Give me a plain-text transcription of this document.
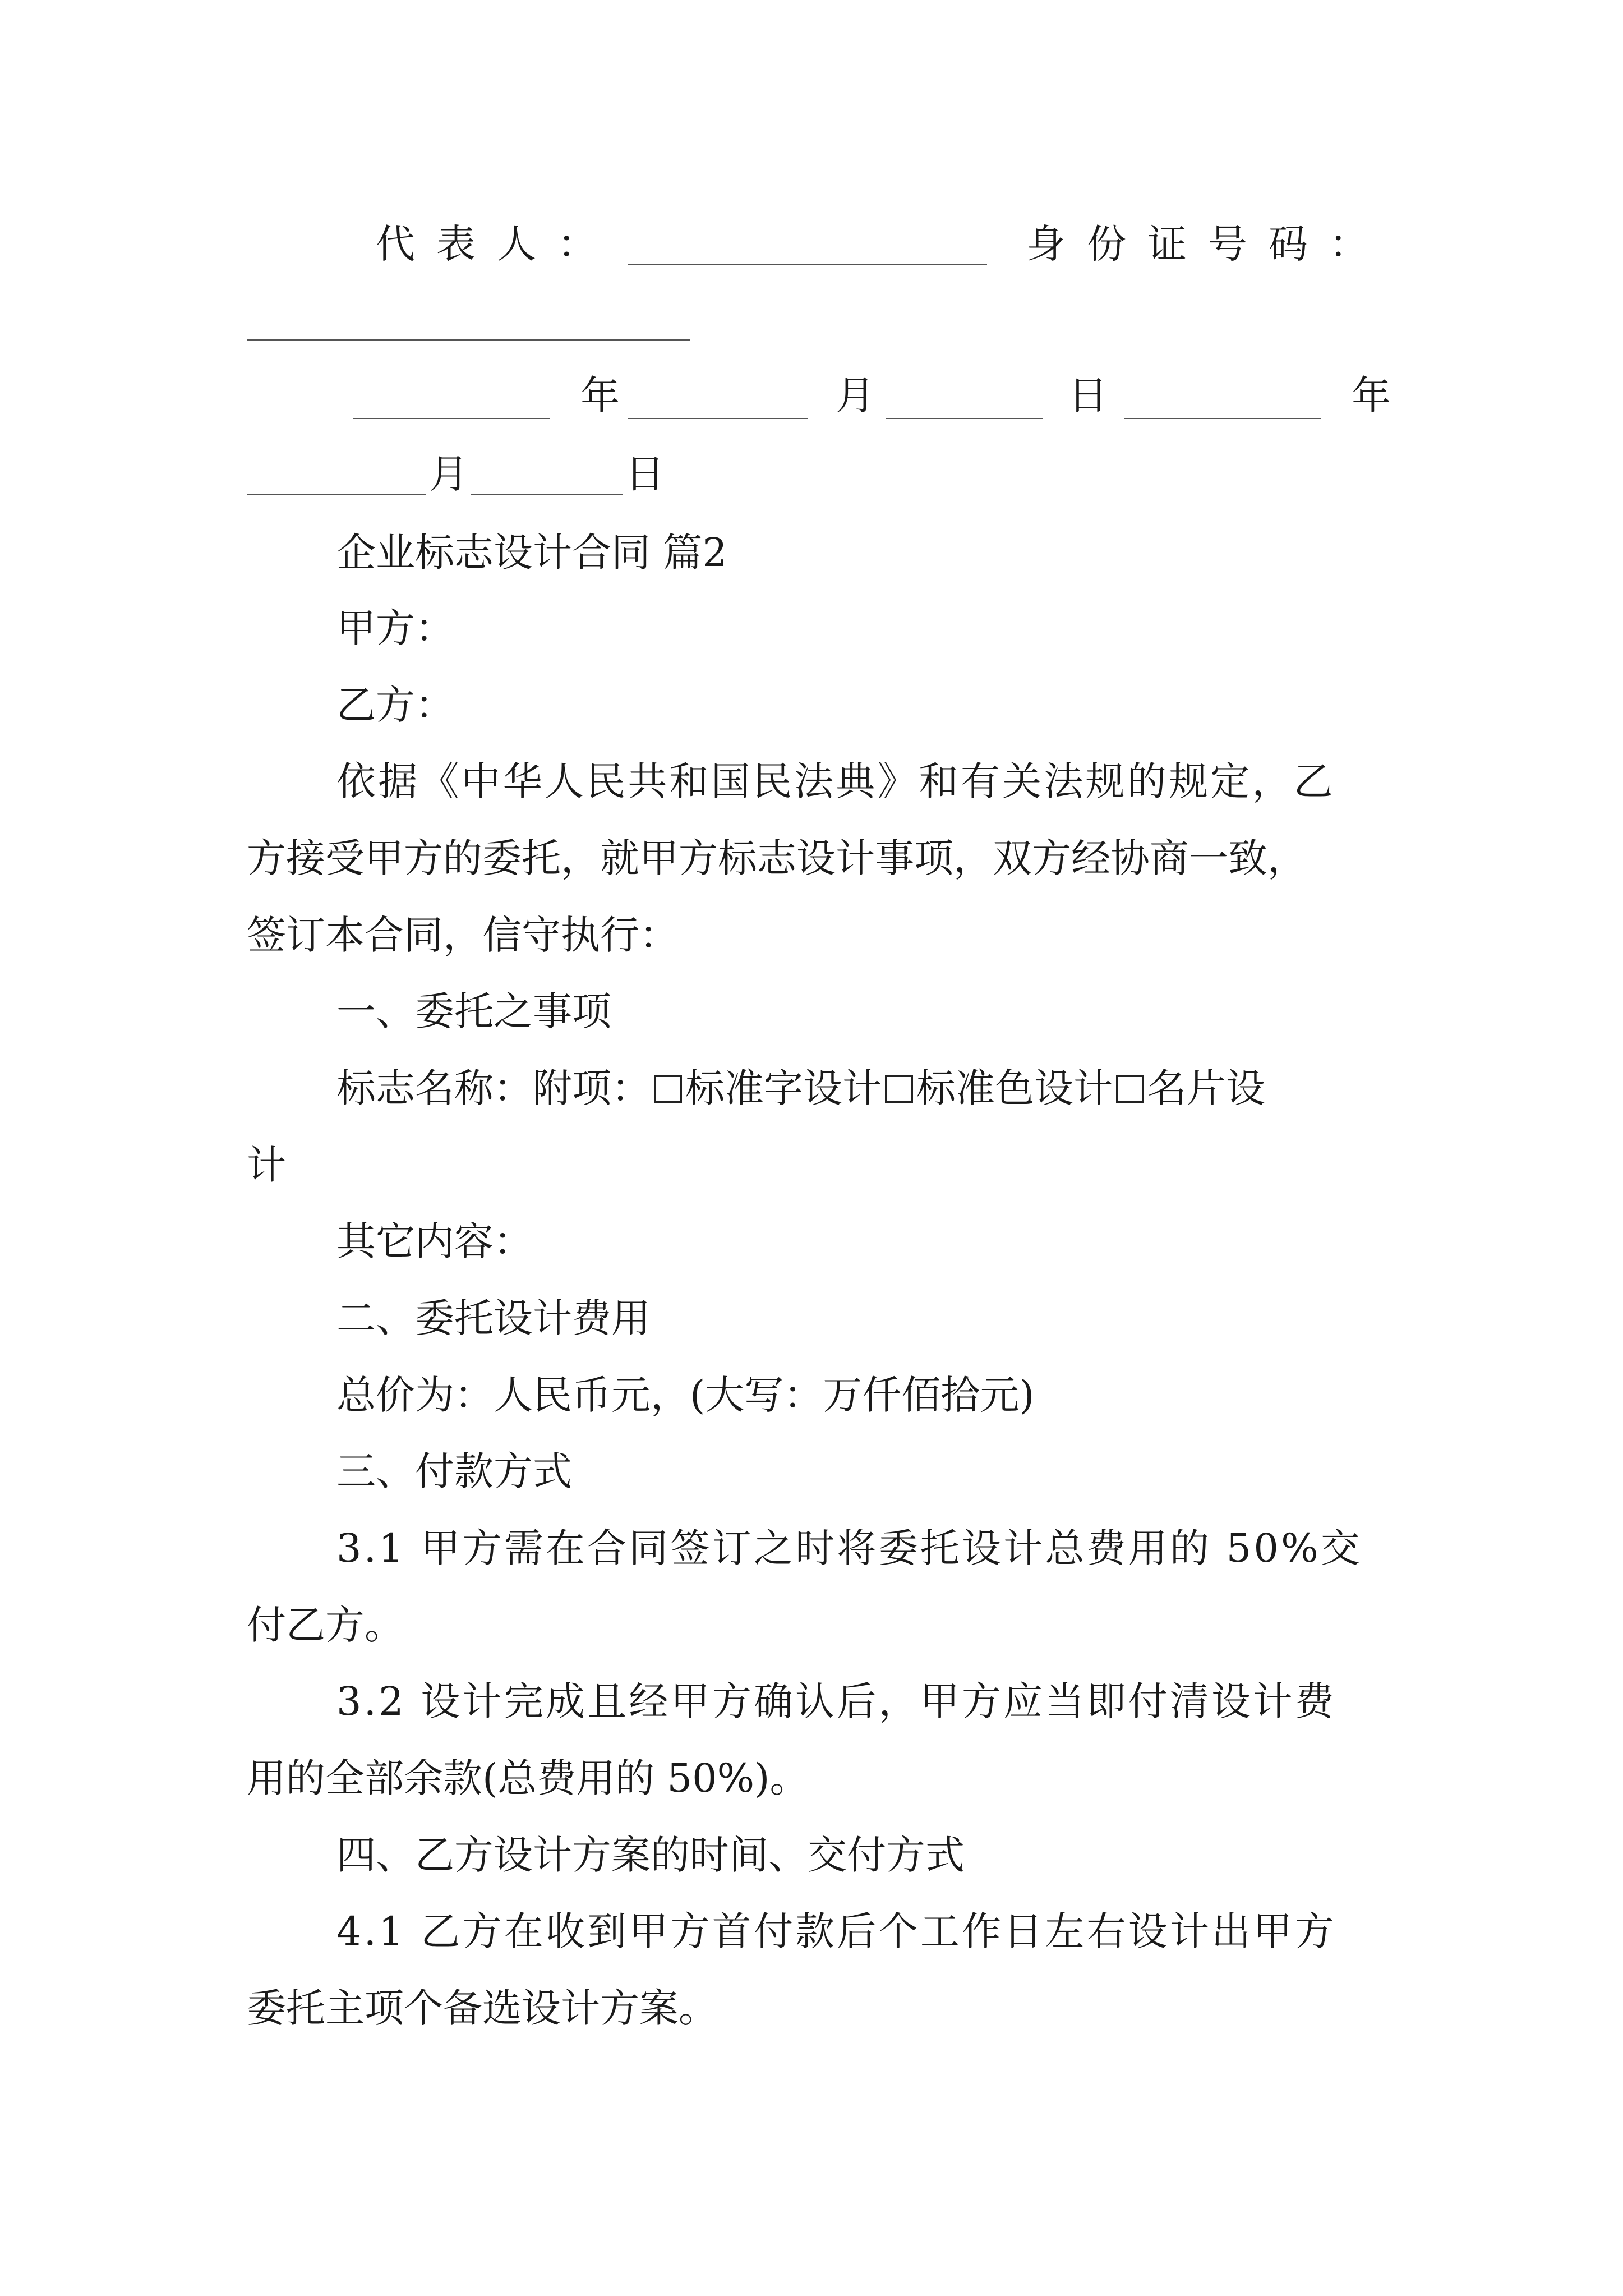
代表人：	身份证号码：
年	月	日	年
月	日
企业标志设计合同 篇2
甲方：
乙方：
依据《中华人民共和国民法典》和有关法规的规定，乙
方接受甲方的委托，就甲方标志设计事项，双方经协商一致，
签订本合同，信守执行：
一、委托之事项
标志名称：附项： 标准字设计 标准色设计 名片设
计
其它内容：
二、委托设计费用
总价为：人民币元，(大写：万仟佰拾元)
三、付款方式
3.1 甲方需在合同签订之时将委托设计总费用的 50%交
付乙方。
3.2 设计完成且经甲方确认后，甲方应当即付清设计费
用的全部余款(总费用的 50%)。
四、乙方设计方案的时间、交付方式
4.1 乙方在收到甲方首付款后个工作日左右设计出甲方
委托主项个备选设计方案。
